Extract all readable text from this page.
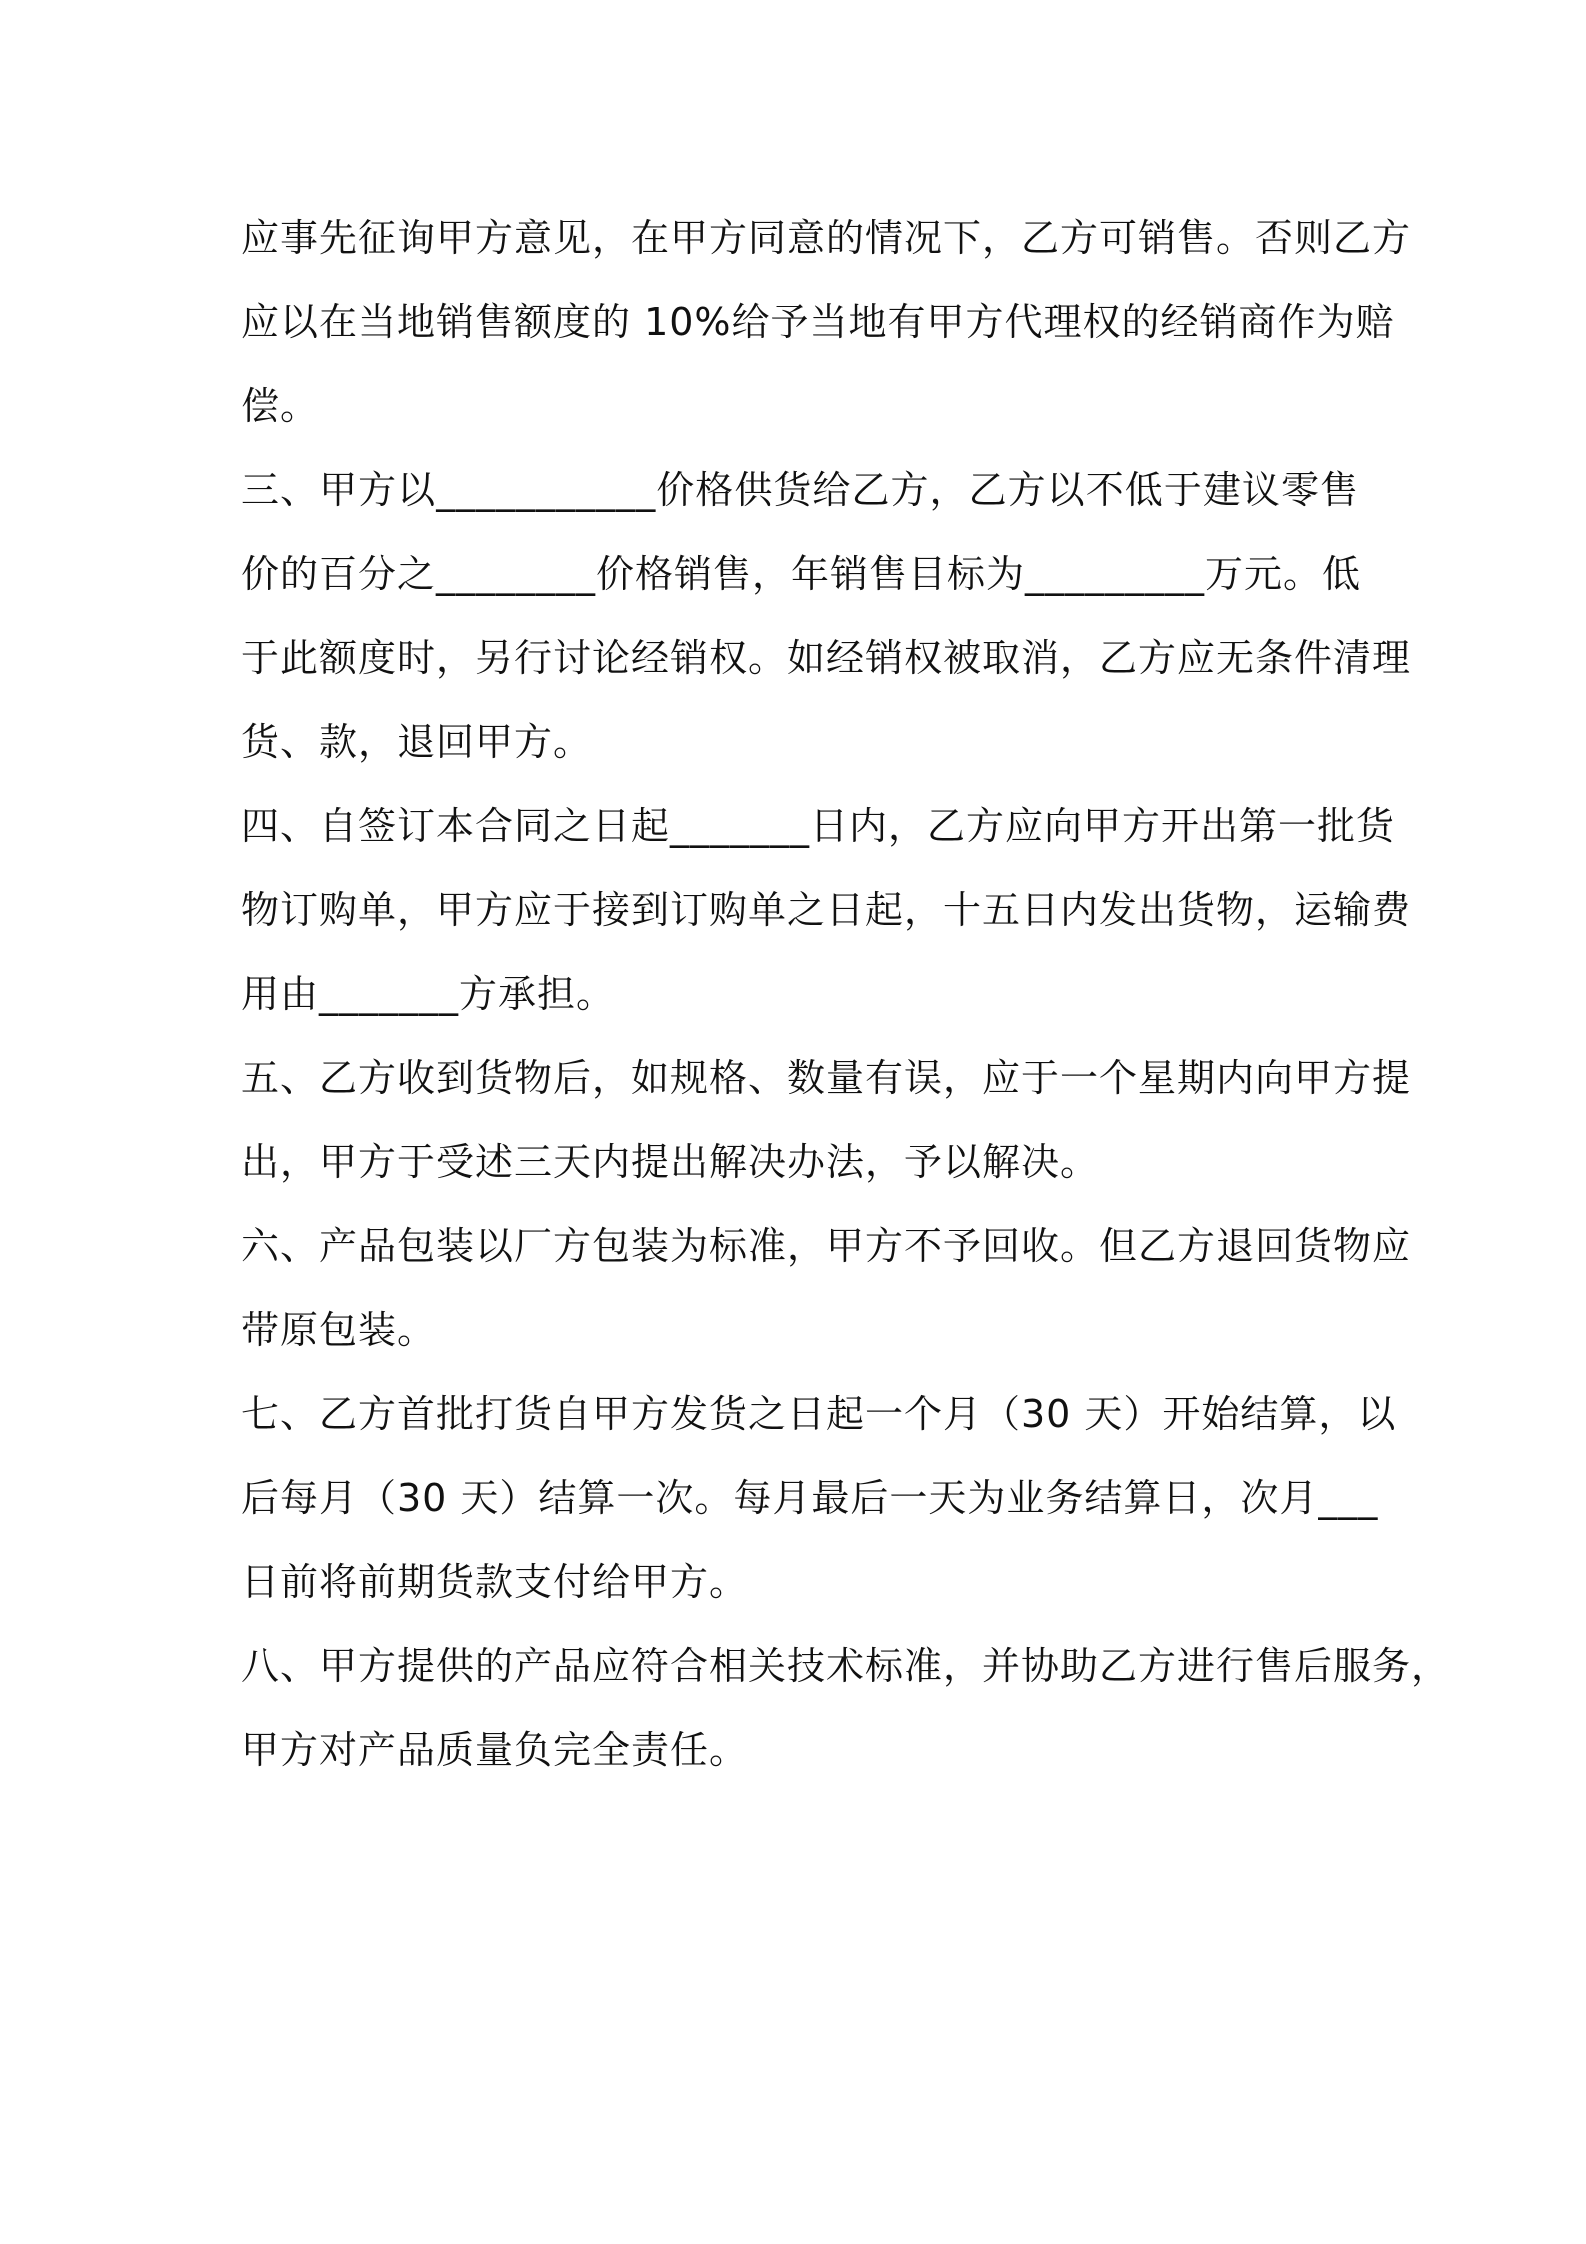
应事先征询甲方意见，在甲方同意的情况下，乙方可销售。否则乙方
应以在当地销售额度的 10%给予当地有甲方代理权的经销商作为赔
偿。
三、甲方以___________价格供货给乙方，乙方以不低于建议零售
价的百分之________价格销售，年销售目标为_________万元。低
于此额度时，另行讨论经销权。如经销权被取消，乙方应无条件清理
货、款，退回甲方。
四、自签订本合同之日起_______日内，乙方应向甲方开出第一批货
物订购单，甲方应于接到订购单之日起，十五日内发出货物，运输费
用由_______方承担。
五、乙方收到货物后，如规格、数量有误，应于一个星期内向甲方提
出，甲方于受述三天内提出解决办法，予以解决。
六、产品包装以厂方包装为标准，甲方不予回收。但乙方退回货物应
带原包装。
七、乙方首批打货自甲方发货之日起一个月（30 天）开始结算，以
后每月（30 天）结算一次。每月最后一天为业务结算日，次月___
日前将前期货款支付给甲方。
八、甲方提供的产品应符合相关技术标准，并协助乙方进行售后服务，
甲方对产品质量负完全责任。
